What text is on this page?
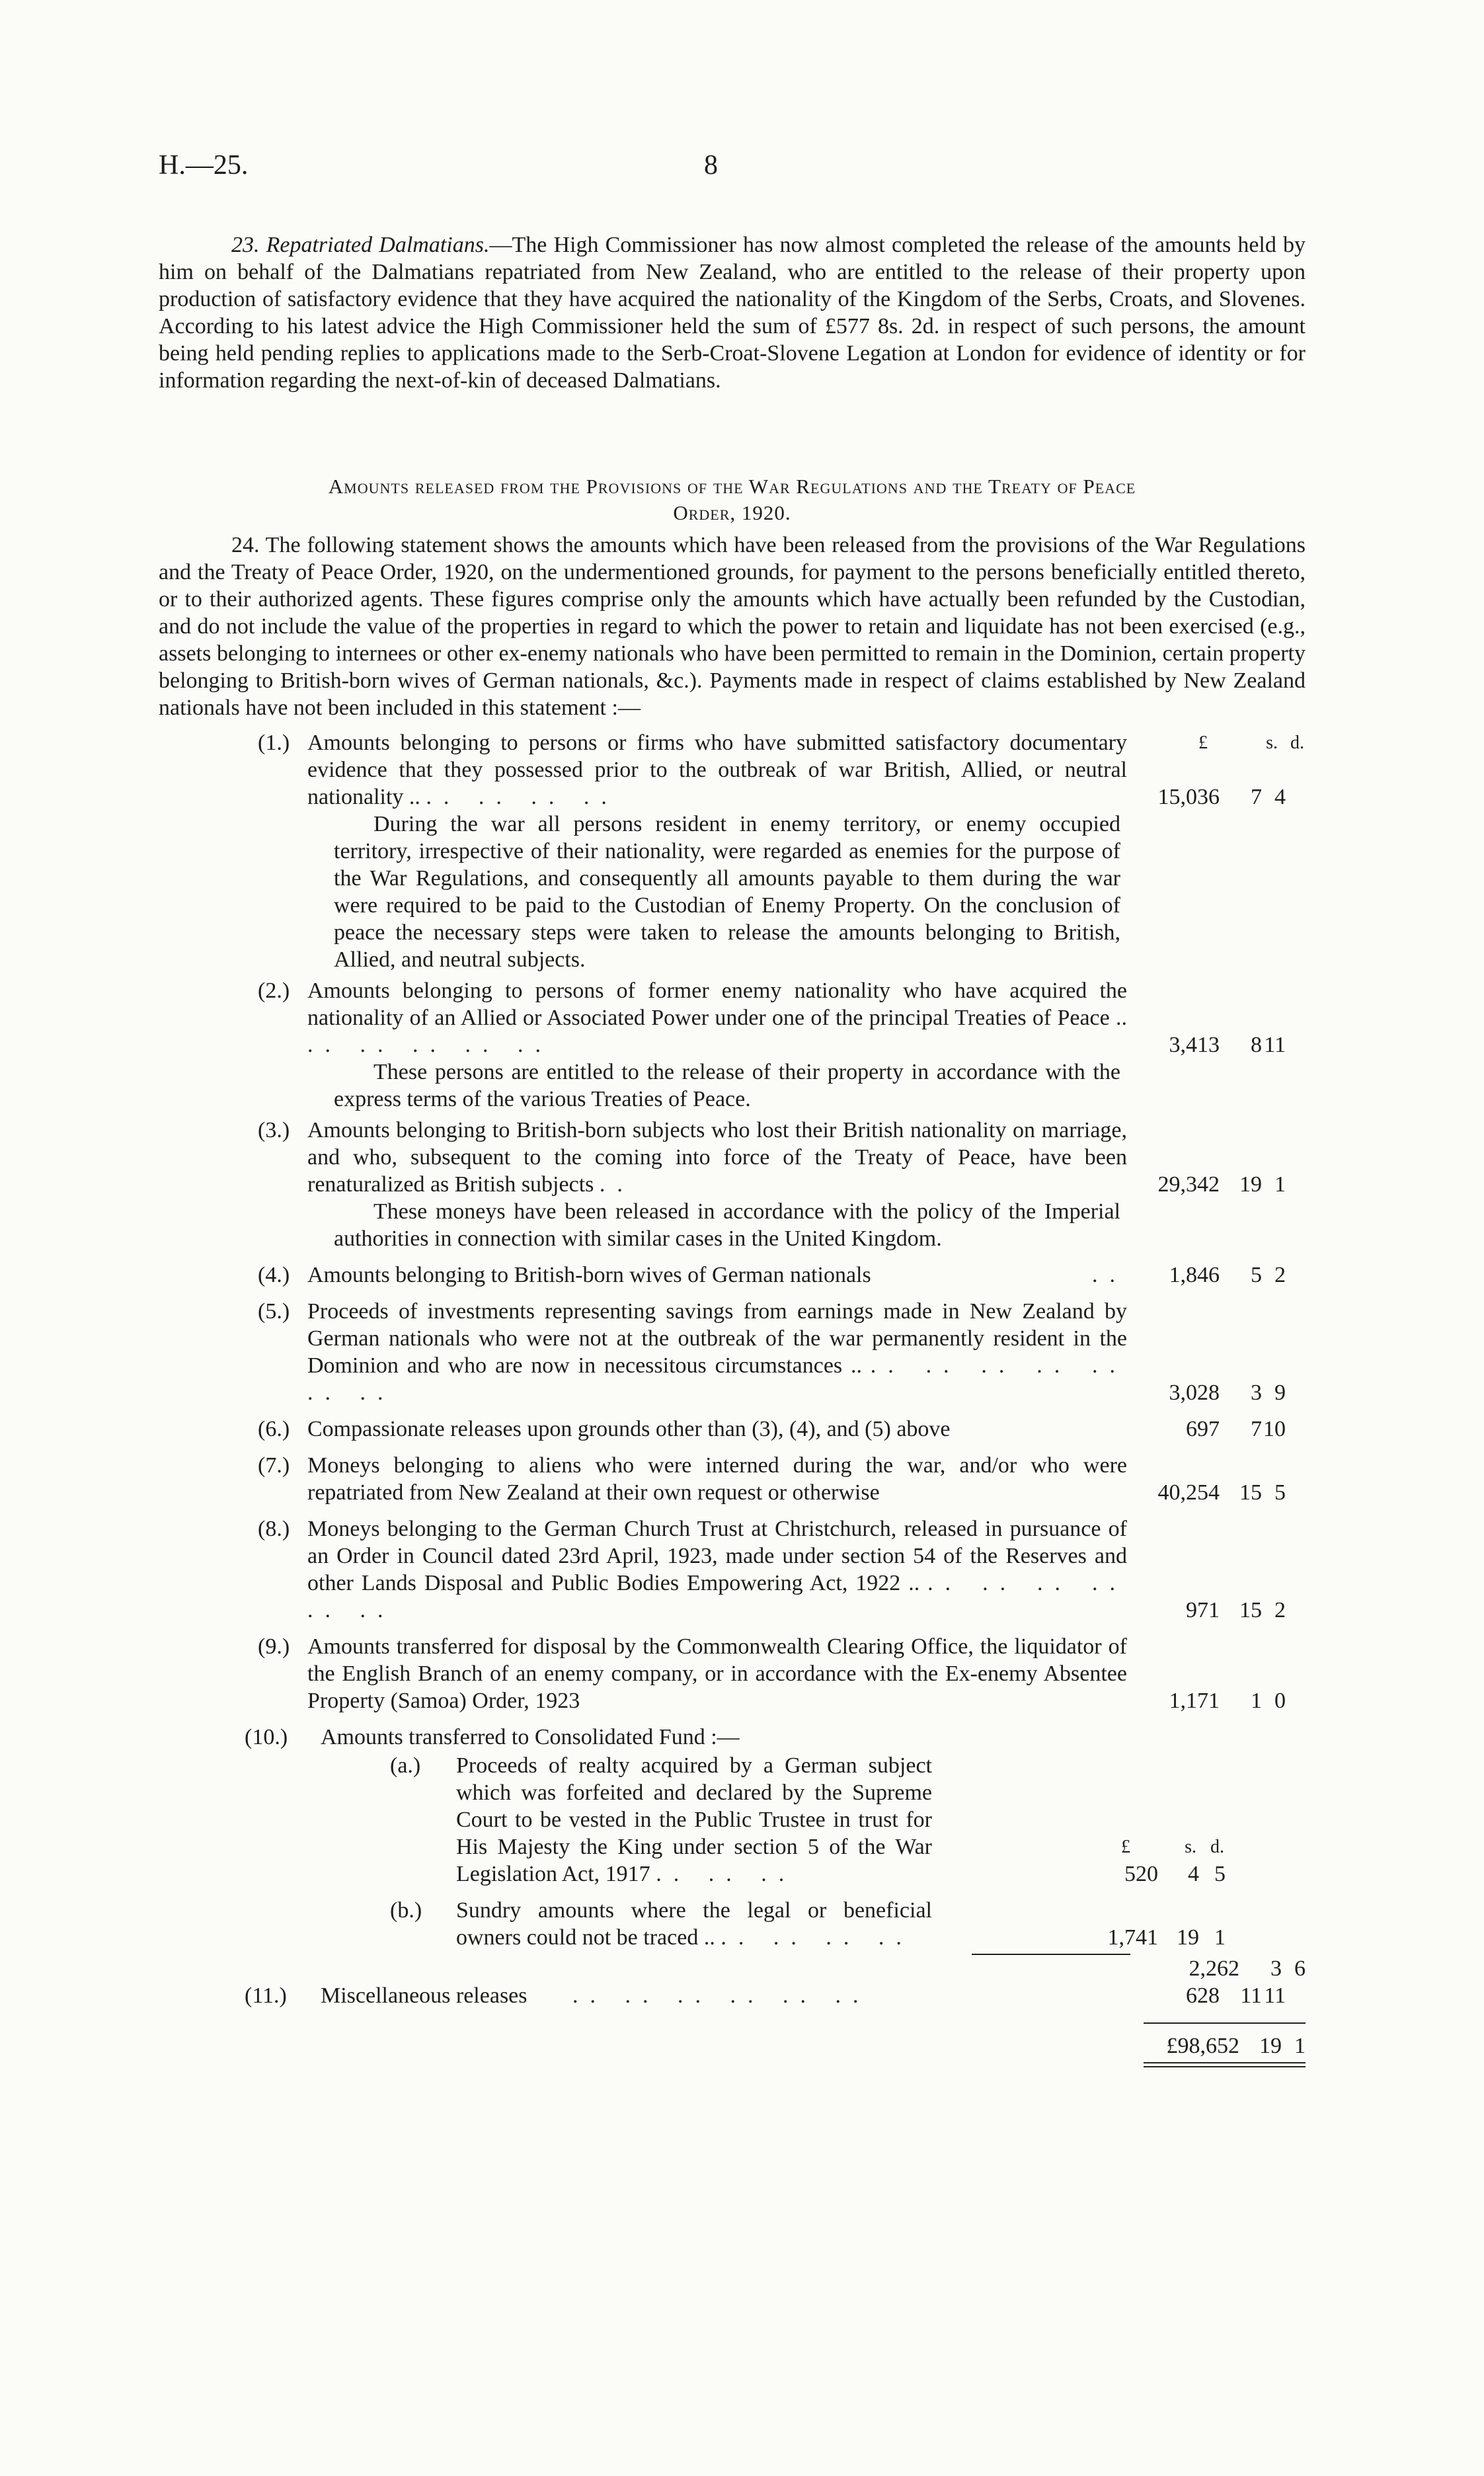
H.—25.	8

23. Repatriated Dalmatians.—The High Commissioner has now almost completed the release of the amounts held by him on behalf of the Dalmatians repatriated from New Zealand, who are entitled to the release of their property upon production of satisfactory evidence that they have acquired the nationality of the Kingdom of the Serbs, Croats, and Slovenes. According to his latest advice the High Commissioner held the sum of £577 8s. 2d. in respect of such persons, the amount being held pending replies to applications made to the Serb-Croat-Slovene Legation at London for evidence of identity or for information regarding the next-of-kin of deceased Dalmatians.

Amounts released from the Provisions of the War Regulations and the Treaty of Peace
Order, 1920.

24. The following statement shows the amounts which have been released from the provisions of the War Regulations and the Treaty of Peace Order, 1920, on the undermentioned grounds, for payment to the persons beneficially entitled thereto, or to their authorized agents. These figures comprise only the amounts which have actually been refunded by the Custodian, and do not include the value of the properties in regard to which the power to retain and liquidate has not been exercised (e.g., assets belonging to internees or other ex-enemy nationals who have been permitted to remain in the Dominion, certain property belonging to British-born wives of German nationals, &c.). Payments made in respect of claims established by New Zealand nationals have not been included in this statement :—

£	s. d.
(1.) Amounts belonging to persons or firms who have submitted satisfactory documentary evidence that they possessed prior to the outbreak of war British, Allied, or neutral nationality .. .. .. .. ..	15,036 7 4
During the war all persons resident in enemy territory, or enemy occupied territory, irrespective of their nationality, were regarded as enemies for the purpose of the War Regulations, and consequently all amounts payable to them during the war were required to be paid to the Custodian of Enemy Property. On the conclusion of peace the necessary steps were taken to release the amounts belonging to British, Allied, and neutral subjects.
(2.) Amounts belonging to persons of former enemy nationality who have acquired the nationality of an Allied or Associated Power under one of the principal Treaties of Peace .. .. .. .. .. ..	3,413 8 11
These persons are entitled to the release of their property in accordance with the express terms of the various Treaties of Peace.
(3.) Amounts belonging to British-born subjects who lost their British nationality on marriage, and who, subsequent to the coming into force of the Treaty of Peace, have been renaturalized as British subjects ..	29,342 19 1
These moneys have been released in accordance with the policy of the Imperial authorities in connection with similar cases in the United Kingdom.
(4.) Amounts belonging to British-born wives of German nationals	.. 1,846 5 2
(5.) Proceeds of investments representing savings from earnings made in New Zealand by German nationals who were not at the outbreak of the war permanently resident in the Dominion and who are now in necessitous circumstances .. .. .. .. .. .. .. ..	3,028 3 9
(6.) Compassionate releases upon grounds other than (3), (4), and (5) above	697 7 10
(7.) Moneys belonging to aliens who were interned during the war, and/or who were repatriated from New Zealand at their own request or otherwise	40,254 15 5
(8.) Moneys belonging to the German Church Trust at Christchurch, released in pursuance of an Order in Council dated 23rd April, 1923, made under section 54 of the Reserves and other Lands Disposal and Public Bodies Empowering Act, 1922 .. .. .. .. .. .. ..	971 15 2
(9.) Amounts transferred for disposal by the Commonwealth Clearing Office, the liquidator of the English Branch of an enemy company, or in accordance with the Ex-enemy Absentee Property (Samoa) Order, 1923	1,171 1 0
(10.)	Amounts transferred to Consolidated Fund :—
(a.) Proceeds of realty acquired by a German subject which was forfeited and declared by the Supreme Court to be vested in the Public Trustee in trust for His Majesty the King under section 5 of the War Legislation Act, 1917 .. .. ..
£	s. d.
520 4 5
(b.) Sundry amounts where the legal or beneficial owners could not be traced .. .. .. .. ..	1,741 19 1
2,262 3 6
(11.)	Miscellaneous releases .. .. .. .. .. ..	628 11 11
£98,652 19 1
